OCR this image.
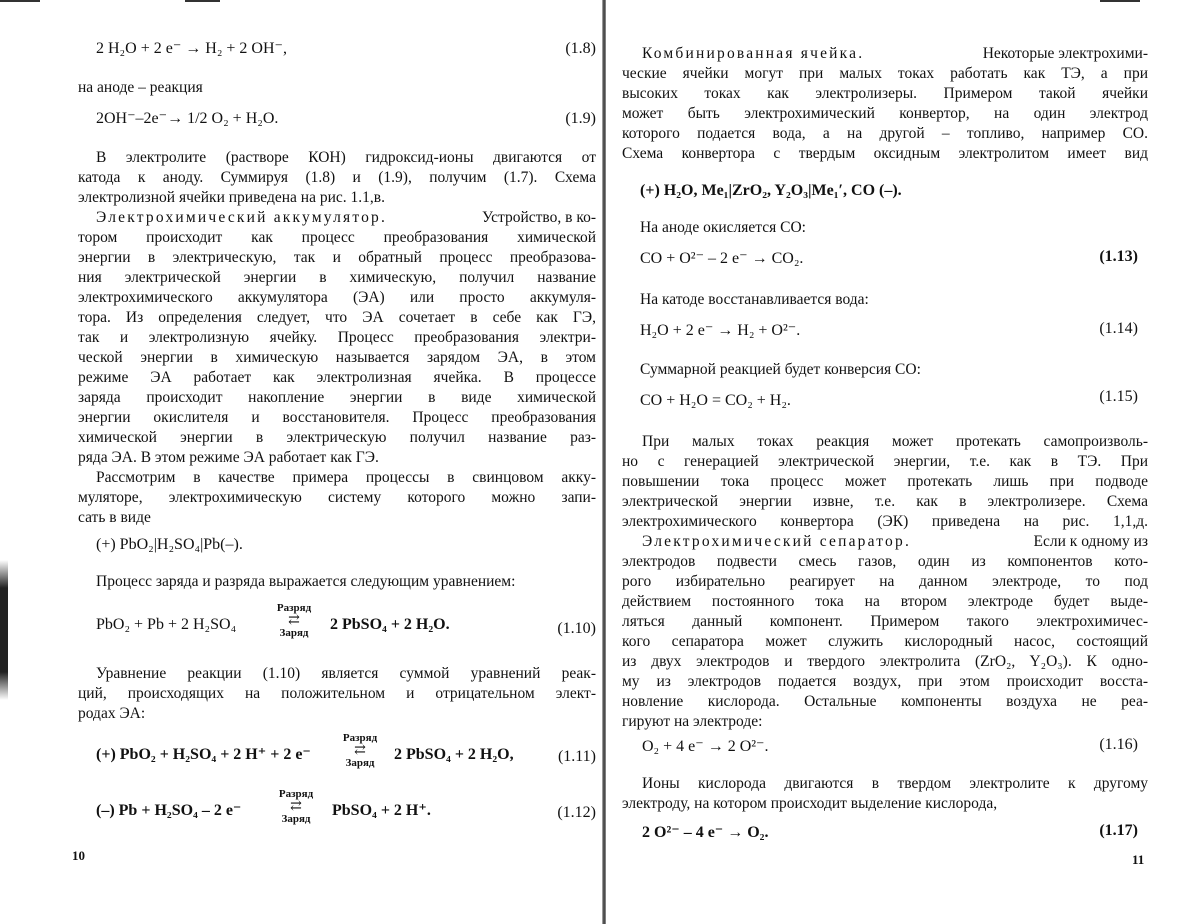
2 H₂O + 2 e⁻ → H₂ + 2 OH⁻,	(1.8)
на аноде – реакция
2OH⁻–2e⁻→ 1/2 O₂ + H₂O.	(1.9)
В электролите (растворе КОН) гидроксид-ионы двигаются от
катода к аноду. Суммируя (1.8) и (1.9), получим (1.7). Схема
электролизной ячейки приведена на рис. 1.1,в.
Электрохимический аккумулятор.	Устройство, в ко-
тором происходит как процесс преобразования химической
энергии в электрическую, так и обратный процесс преобразова-
ния электрической энергии в химическую, получил название
электрохимического аккумулятора (ЭА) или просто аккумуля-
тора. Из определения следует, что ЭА сочетает в себе как ГЭ,
так и электролизную ячейку. Процесс преобразования электри-
ческой энергии в химическую называется зарядом ЭА, в этом
режиме ЭА работает как электролизная ячейка. В процессе
заряда происходит накопление энергии в виде химической
энергии окислителя и восстановителя. Процесс преобразования
химической энергии в электрическую получил название раз-
ряда ЭА. В этом режиме ЭА работает как ГЭ.
Рассмотрим в качестве примера процессы в свинцовом акку-
муляторе, электрохимическую систему которого можно запи-
сать в виде
(+) PbO₂|H₂SO₄|Pb(–).
Процесс заряда и разряда выражается следующим уравнением:
PbO₂ + Pb + 2 H₂SO₄
Разряд
⇄
Заряд	2 PbSO₄ + 2 H₂O.	(1.10)
Уравнение реакции (1.10) является суммой уравнений реак-
ций, происходящих на положительном и отрицательном элект-
родах ЭА:
(+) PbO₂ + H₂SO₄ + 2 H⁺ + 2 e⁻
Разряд
⇄
Заряд	2 PbSO₄ + 2 H₂O,	(1.11)
(–) Pb + H₂SO₄ – 2 e⁻
Разряд
⇄
Заряд	PbSO₄ + 2 H⁺.	(1.12)
10
Комбинированная ячейка.	Некоторые электрохими-
ческие ячейки могут при малых токах работать как ТЭ, а при
высоких токах как электролизеры. Примером такой ячейки
может быть электрохимический конвертор, на один электрод
которого подается вода, а на другой – топливо, например СО.
Схема конвертора с твердым оксидным электролитом имеет вид
(+) H₂O, Me₁|ZrO₂, Y₂O₃|Me₁′, CO (–).
На аноде окисляется СО:
CO + O²⁻ – 2 e⁻ → CO₂.	(1.13)
На катоде восстанавливается вода:
H₂O + 2 e⁻ → H₂ + O²⁻.	(1.14)
Суммарной реакцией будет конверсия СО:
CO + H₂O = CO₂ + H₂.	(1.15)
При малых токах реакция может протекать самопроизволь-
но с генерацией электрической энергии, т.е. как в ТЭ. При
повышении тока процесс может протекать лишь при подводе
электрической энергии извне, т.е. как в электролизере. Схема
электрохимического конвертора (ЭК) приведена на рис. 1,1,д.
Электрохимический сепаратор.	Если к одному из
электродов подвести смесь газов, один из компонентов кото-
рого избирательно реагирует на данном электроде, то под
действием постоянного тока на втором электроде будет выде-
ляться данный компонент. Примером такого электрохимичес-
кого сепаратора может служить кислородный насос, состоящий
из двух электродов и твердого электролита (ZrO₂, Y₂O₃). К одно-
му из электродов подается воздух, при этом происходит восста-
новление кислорода. Остальные компоненты воздуха не реа-
гируют на электроде:
O₂ + 4 e⁻ → 2 O²⁻.	(1.16)
Ионы кислорода двигаются в твердом электролите к другому
электроду, на котором происходит выделение кислорода,
2 O²⁻ – 4 e⁻ → O₂.	(1.17)
11
